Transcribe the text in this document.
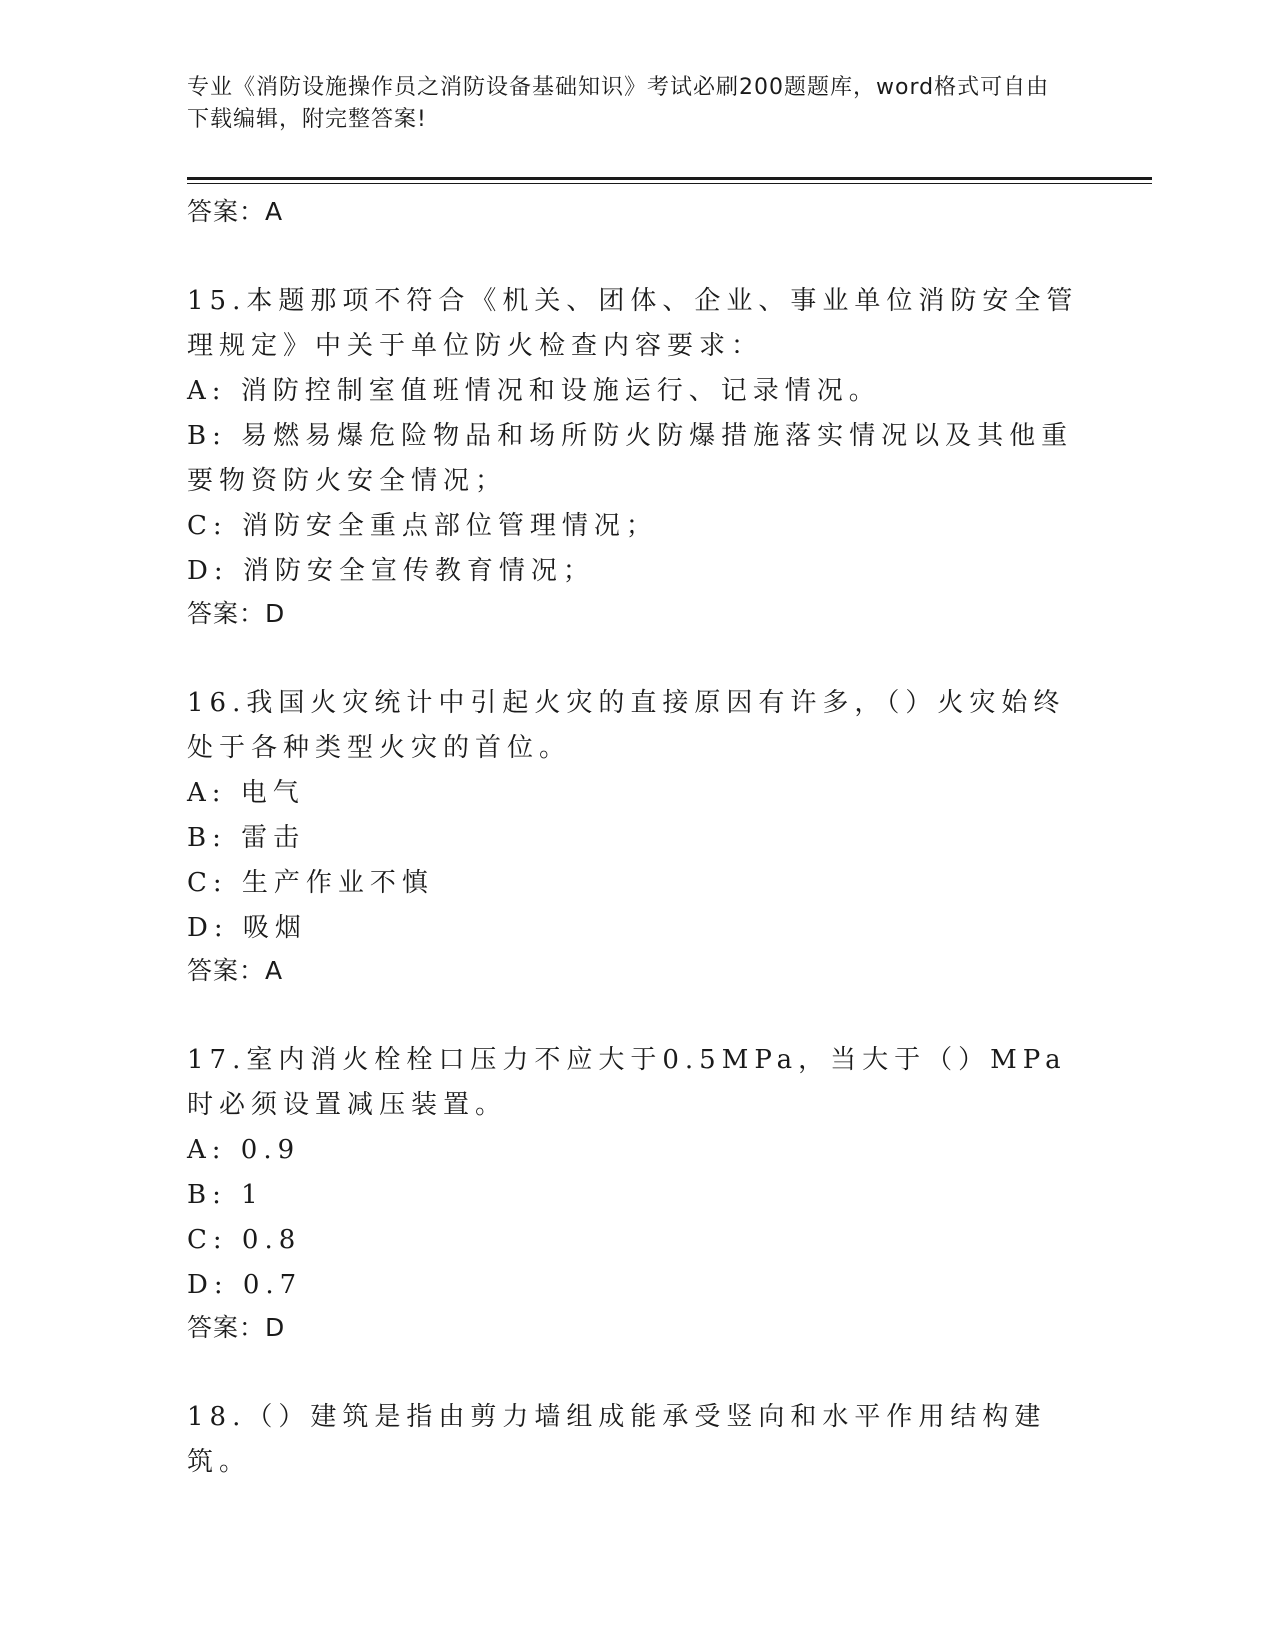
专业《消防设施操作员之消防设备基础知识》考试必刷200题题库，word格式可自由下载编辑，附完整答案!

答案：A

15.本题那项不符合《机关、团体、企业、事业单位消防安全管理规定》中关于单位防火检查内容要求：

A: 消防控制室值班情况和设施运行、记录情况。

B: 易燃易爆危险物品和场所防火防爆措施落实情况以及其他重要物资防火安全情况；

C: 消防安全重点部位管理情况；

D: 消防安全宣传教育情况；

答案：D

16.我国火灾统计中引起火灾的直接原因有许多，（）火灾始终处于各种类型火灾的首位。

A: 电气

B: 雷击

C: 生产作业不慎

D: 吸烟

答案：A

17.室内消火栓栓口压力不应大于0.5MPa，当大于（）MPa时必须设置减压装置。

A: 0.9

B: 1

C: 0.8

D: 0.7

答案：D

18.（）建筑是指由剪力墙组成能承受竖向和水平作用结构建筑。
